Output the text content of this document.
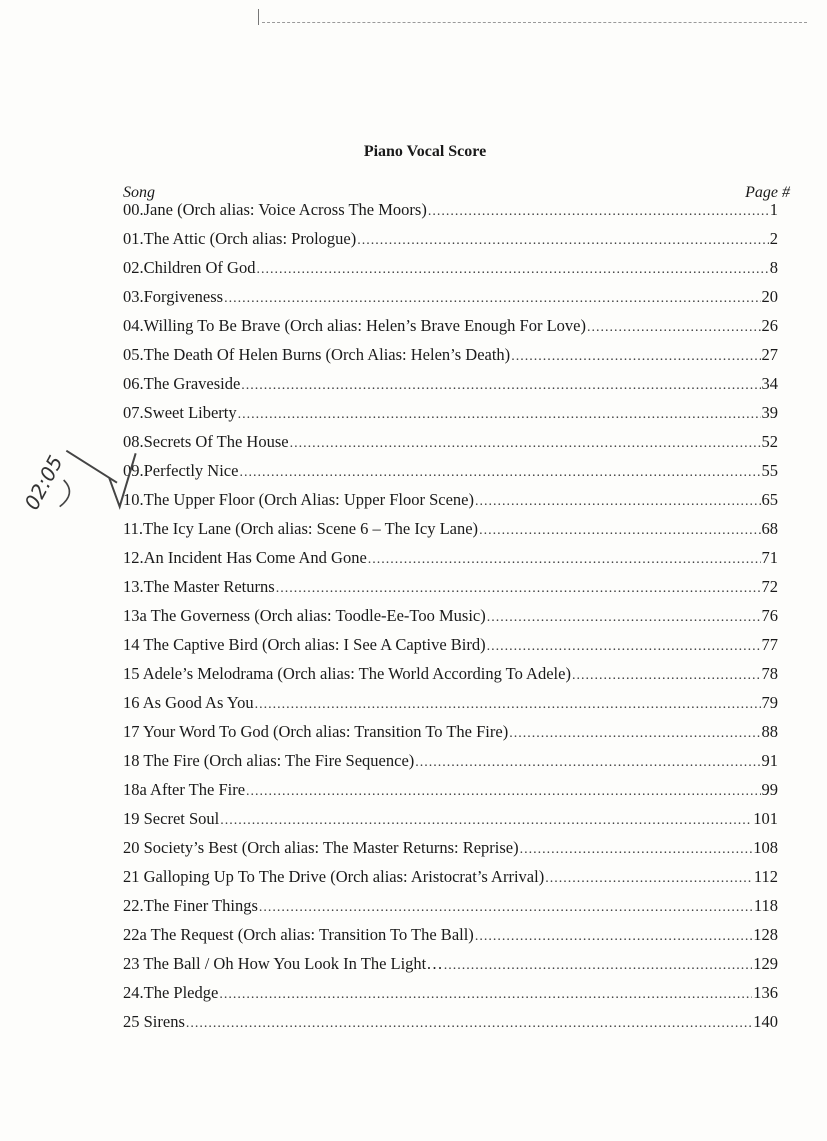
Piano Vocal Score
Song	Page #
00.Jane (Orch alias: Voice Across The Moors) .....	1
01.The Attic (Orch alias: Prologue) .....	2
02.Children Of God .....	8
03.Forgiveness .....	20
04.Willing To Be Brave (Orch alias: Helen’s Brave Enough For Love) .....	26
05.The Death Of Helen Burns (Orch Alias: Helen’s Death) .....	27
06.The Graveside .....	34
07.Sweet Liberty .....	39
08.Secrets Of The House .....	52
09.Perfectly Nice .....	55
10.The Upper Floor (Orch Alias: Upper Floor Scene) .....	65
11.The Icy Lane (Orch alias: Scene 6 – The Icy Lane) .....	68
12.An Incident Has Come And Gone .....	71
13.The Master Returns .....	72
13a The Governess (Orch alias: Toodle-Ee-Too Music) .....	76
14 The Captive Bird (Orch alias: I See A Captive Bird) .....	77
15 Adele’s Melodrama (Orch alias: The World According To Adele) .....	78
16 As Good As You .....	79
17 Your Word To God (Orch alias: Transition To The Fire) .....	88
18 The Fire (Orch alias: The Fire Sequence) .....	91
18a After The Fire .....	99
19 Secret Soul .....	101
20 Society’s Best (Orch alias: The Master Returns: Reprise) .....	108
21 Galloping Up To The Drive (Orch alias: Aristocrat’s Arrival) .....	112
22.The Finer Things .....	118
22a The Request (Orch alias: Transition To The Ball) .....	128
23 The Ball / Oh How You Look In The Light… .....	129
24.The Pledge .....	136
25 Sirens .....	140
02:05
